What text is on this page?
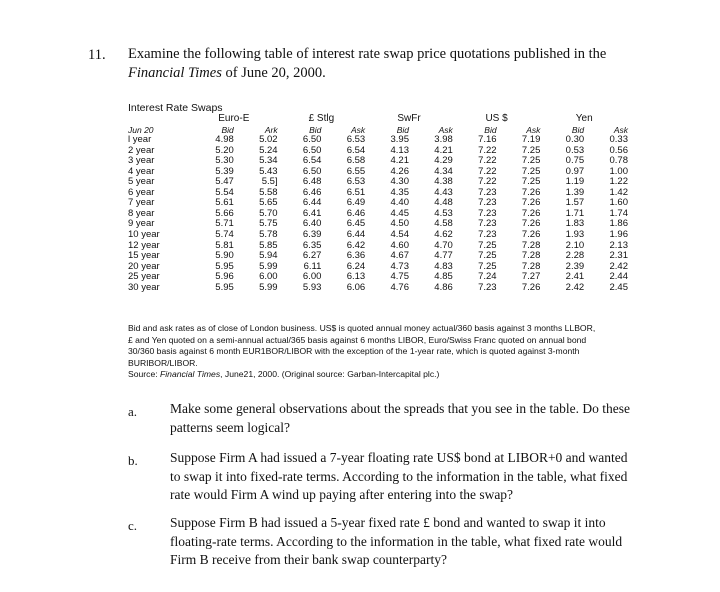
11. Examine the following table of interest rate swap price quotations published in the Financial Times of June 20, 2000.
Interest Rate Swaps
	Euro-E		£ Stlg		SwFr		US $		Yen	
Jun 20	Bid	Ark	Bid	Ask	Bid	Ask	Bid	Ask	Bid	Ask
l year	4.98	5.02	6.50	6.53	3.95	3.98	7.16	7.19	0.30	0.33
2 year	5.20	5.24	6.50	6.54	4.13	4.21	7.22	7.25	0.53	0.56
3 year	5.30	5.34	6.54	6.58	4.21	4.29	7.22	7.25	0.75	0.78
4 year	5.39	5.43	6.50	6.55	4.26	4.34	7.22	7.25	0.97	1.00
5 year	5.47	5.5]	6.48	6.53	4.30	4.38	7.22	7.25	1.19	1.22
6 year	5.54	5.58	6.46	6.51	4.35	4.43	7.23	7.26	1.39	1.42
7 year	5.61	5.65	6.44	6.49	4.40	4.48	7.23	7.26	1.57	1.60
8 year	5.66	5.70	6.41	6.46	4.45	4.53	7.23	7.26	1.71	1.74
9 year	5.71	5.75	6.40	6.45	4.50	4.58	7.23	7.26	1.83	1.86
10 year	5.74	5.78	6.39	6.44	4.54	4.62	7.23	7.26	1.93	1.96
12 year	5.81	5.85	6.35	6.42	4.60	4.70	7.25	7.28	2.10	2.13
15 year	5.90	5.94	6.27	6.36	4.67	4.77	7.25	7.28	2.28	2.31
20 year	5.95	5.99	6.11	6.24	4.73	4.83	7.25	7.28	2.39	2.42
25 year	5.96	6.00	6.00	6.13	4.75	4.85	7.24	7.27	2.41	2.44
30 year	5.95	5.99	5.93	6.06	4.76	4.86	7.23	7.26	2.42	2.45
Bid and ask rates as of close of London business. US$ is quoted annual money actual/360 basis against 3 months LLBOR,
£ and Yen quoted on a semi-annual actual/365 basis against 6 months LIBOR, Euro/Swiss Franc quoted on annual bond
30/360 basis against 6 month EUR1BOR/LIBOR with the exception of the 1-year rate, which is quoted against 3-month
BURIBOR/LIBOR.
Source: Financial Times, June21, 2000. (Original source: Garban-Intercapital plc.)
a. Make some general observations about the spreads that you see in the table. Do these patterns seem logical?
b. Suppose Firm A had issued a 7-year floating rate US$ bond at LIBOR+0 and wanted to swap it into fixed-rate terms. According to the information in the table, what fixed rate would Firm A wind up paying after entering into the swap?
c. Suppose Firm B had issued a 5-year fixed rate £ bond and wanted to swap it into floating-rate terms. According to the information in the table, what fixed rate would Firm B receive from their bank swap counterparty?
